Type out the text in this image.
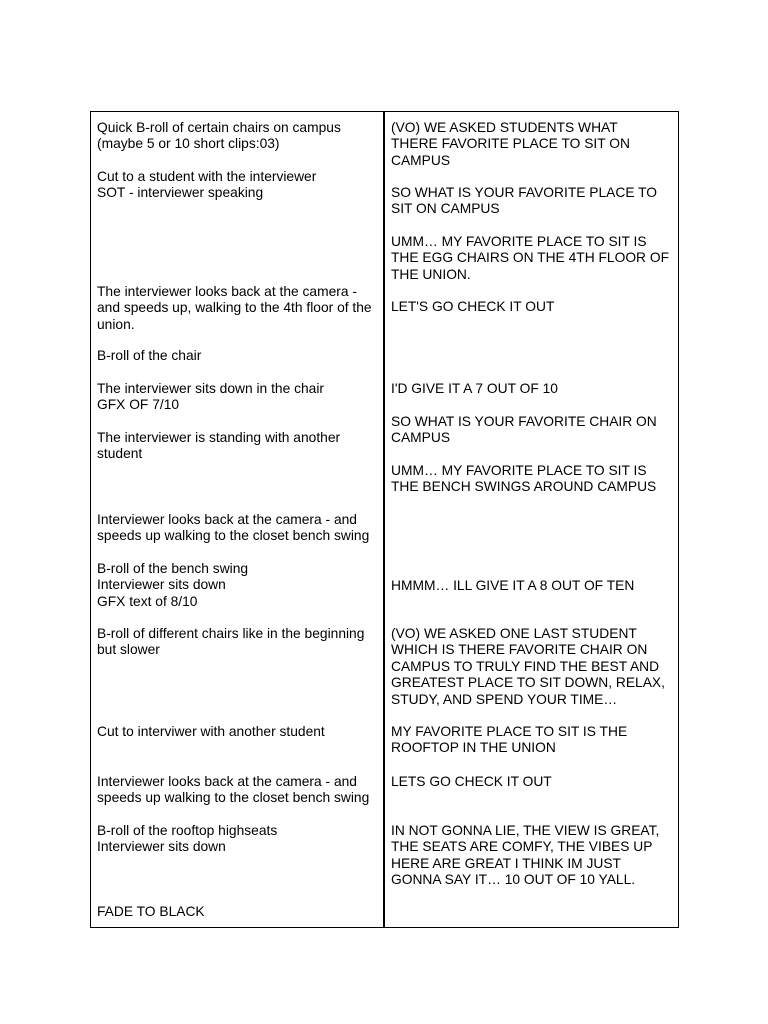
Quick B-roll of certain chairs on campus
(maybe 5 or 10 short clips:03)
Cut to a student with the interviewer
SOT - interviewer speaking
The interviewer looks back at the camera -
and speeds up, walking to the 4th floor of the
union.
B-roll of the chair
The interviewer sits down in the chair
GFX OF 7/10
The interviewer is standing with another
student
Interviewer looks back at the camera - and
speeds up walking to the closet bench swing
B-roll of the bench swing
Interviewer sits down
GFX text of 8/10
B-roll of different chairs like in the beginning
but slower
Cut to interviwer with another student
Interviewer looks back at the camera - and
speeds up walking to the closet bench swing
B-roll of the rooftop highseats
Interviewer sits down
FADE TO BLACK
(VO) WE ASKED STUDENTS WHAT
THERE FAVORITE PLACE TO SIT ON
CAMPUS
SO WHAT IS YOUR FAVORITE PLACE TO
SIT ON CAMPUS
UMM… MY FAVORITE PLACE TO SIT IS
THE EGG CHAIRS ON THE 4TH FLOOR OF
THE UNION.
LET'S GO CHECK IT OUT
I'D GIVE IT A 7 OUT OF 10
SO WHAT IS YOUR FAVORITE CHAIR ON
CAMPUS
UMM… MY FAVORITE PLACE TO SIT IS
THE BENCH SWINGS AROUND CAMPUS
HMMM… ILL GIVE IT A 8 OUT OF TEN
(VO) WE ASKED ONE LAST STUDENT
WHICH IS THERE FAVORITE CHAIR ON
CAMPUS TO TRULY FIND THE BEST AND
GREATEST PLACE TO SIT DOWN, RELAX,
STUDY, AND SPEND YOUR TIME…
MY FAVORITE PLACE TO SIT IS THE
ROOFTOP IN THE UNION
LETS GO CHECK IT OUT
IN NOT GONNA LIE, THE VIEW IS GREAT,
THE SEATS ARE COMFY, THE VIBES UP
HERE ARE GREAT I THINK IM JUST
GONNA SAY IT… 10 OUT OF 10 YALL.
